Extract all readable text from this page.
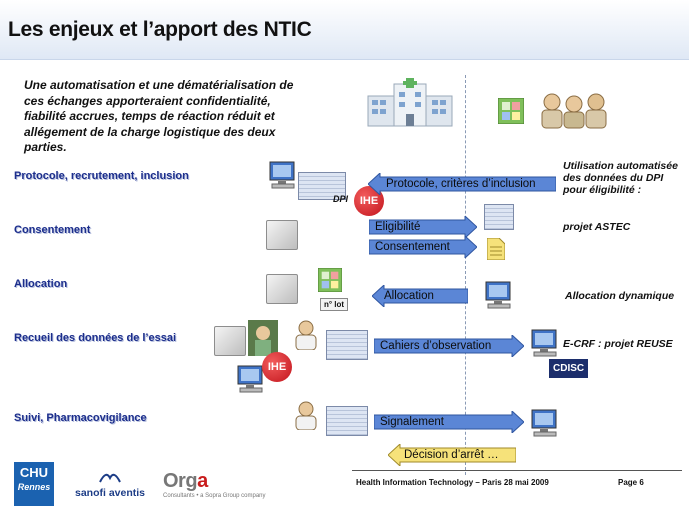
Les enjeux et l’apport des NTIC
Une automatisation et une dématérialisation de ces échanges apporteraient confidentialité, fiabilité accrues, temps de réaction réduit et allégement de la charge logistique des deux parties.
Protocole, recrutement, inclusion
Consentement
Allocation
Recueil des données de l’essai
Suivi, Pharmacovigilance
DPI IHE
Protocole, critères d’inclusion
Utilisation automatisée des données du DPI pour éligibilité :
projet ASTEC
Eligibilité
Consentement
n° lot
Allocation	Allocation dynamique
IHE
Cahiers d’observation	E-CRF : projet REUSE
CDISC
Signalement
Décision d’arrêt …
CHU
Rennes	sanofi aventis
Orga
Consultants • a Sopra Group company
Health Information Technology – Paris 28 mai 2009	Page 6
